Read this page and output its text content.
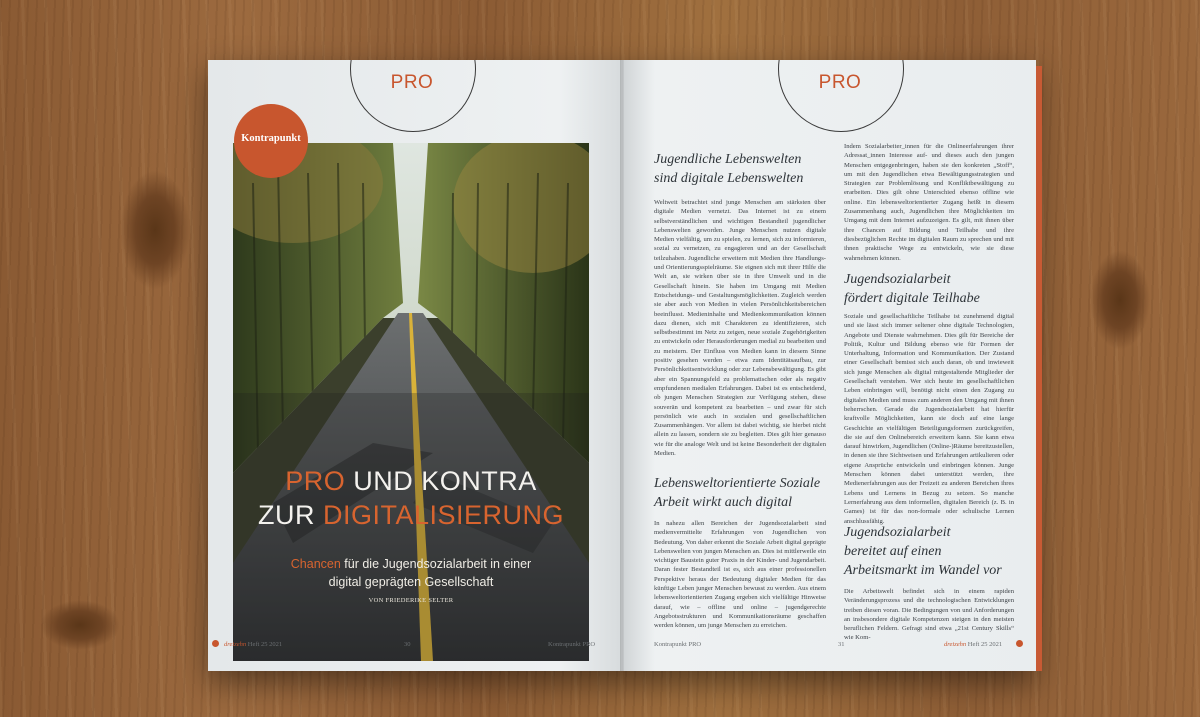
PRO
Kontrapunkt
PRO UND KONTRA
ZUR DIGITALISIERUNG
Chancen für die Jugendsozialarbeit in einer
digital geprägten Gesellschaft
VON FRIEDERIKE SELTER
dreizehn Heft 25 2021	30	Kontrapunkt PRO
PRO
Jugendliche Lebenswelten
sind digitale Lebenswelten

Weltweit betrachtet sind junge Menschen am stärksten über digitale Medien vernetzt. Das Internet ist zu einem selbstverständlichen und wichtigen Bestandteil jugendlicher Lebenswelten geworden. Junge Menschen nutzen digitale Medien vielfältig, um zu spielen, zu lernen, sich zu informieren, sozial zu vernetzen, zu engagieren und an der Gesellschaft teilzuhaben. Jugendliche erweitern mit Medien ihre Handlungs- und Orientierungsspielräume. Sie eignen sich mit ihrer Hilfe die Welt an, sie wirken über sie in ihre Umwelt und in die Gesellschaft hinein. Sie haben im Umgang mit Medien Entscheidungs- und Gestaltungsmöglichkeiten. Zugleich werden sie aber auch von Medien in vielen Persönlichkeitsbereichen beeinflusst. Medieninhalte und Medienkommunikation können dazu dienen, sich mit Charakteren zu identifizieren, sich selbstbestimmt im Netz zu zeigen, neue soziale Zugehörigkeiten zu entwickeln oder Herausforderungen medial zu bearbeiten und zu meistern. Der Einfluss von Medien kann in diesem Sinne positiv gesehen werden – etwa zum Identitätsaufbau, zur Persönlichkeitsentwicklung oder zur Lebensbewältigung. Es gibt aber ein Spannungsfeld zu problematischen oder als negativ empfundenen medialen Erfahrungen. Dabei ist es entscheidend, ob jungen Menschen Strategien zur Verfügung stehen, diese souverän und kompetent zu bearbeiten – und zwar für sich persönlich wie auch in sozialen und gesellschaftlichen Zusammenhängen. Vor allem ist dabei wichtig, sie hierbei nicht allein zu lassen, sondern sie zu begleiten. Dies gilt hier genauso wie für die analoge Welt und ist keine Besonderheit der digitalen Medien.

Lebensweltorientierte Soziale
Arbeit wirkt auch digital

In nahezu allen Bereichen der Jugendsozialarbeit sind medienvermittelte Erfahrungen von Jugendlichen von Bedeutung. Von daher erkennt die Soziale Arbeit digital geprägte Lebenswelten von jungen Menschen an. Dies ist mittlerweile ein wichtiger Baustein guter Praxis in der Kinder- und Jugendarbeit. Daran fester Bestandteil ist es, sich aus einer professionellen Perspektive heraus der Bedeutung digitaler Medien für das künftige Leben junger Menschen bewusst zu werden. Aus einem lebensweltorientierten Zugang ergeben sich vielfältige Hinweise darauf, wie – offline und online – jugendgerechte Angebotsstrukturen und Kommunikationsräume geschaffen werden können, um junge Menschen zu erreichen.

Indem Sozialarbeiter_innen für die Onlineerfahrungen ihrer Adressat_innen Interesse auf- und dieses auch den jungen Menschen entgegenbringen, haben sie den konkreten „Stoff“, um mit den Jugendlichen etwa Bewältigungsstrategien und Strategien zur Problemlösung und Konfliktbewältigung zu erarbeiten. Dies gilt ohne Unterschied ebenso offline wie online. Ein lebensweltorientierter Zugang heißt in diesem Zusammenhang auch, Jugendlichen ihre Möglichkeiten im Umgang mit dem Internet aufzuzeigen. Es gilt, mit ihnen über ihre Chancen auf Bildung und Teilhabe und ihre diesbezüglichen Rechte im digitalen Raum zu sprechen und mit ihnen praktische Wege zu entwickeln, wie sie diese wahrnehmen können.

Jugendsozialarbeit
fördert digitale Teilhabe

Soziale und gesellschaftliche Teilhabe ist zunehmend digital und sie lässt sich immer seltener ohne digitale Technologien, Angebote und Dienste wahrnehmen. Dies gilt für Bereiche der Politik, Kultur und Bildung ebenso wie für Formen der Unterhaltung, Information und Kommunikation. Der Zustand einer Gesellschaft bemisst sich auch daran, ob und inwieweit sich junge Menschen als digital mitgestaltende Mitglieder der Gesellschaft verstehen. Wer sich heute im gesellschaftlichen Leben einbringen will, benötigt nicht einen den Zugang zu digitalen Medien und muss zum anderen den Umgang mit ihnen beherrschen. Gerade die Jugendsozialarbeit hat hierfür kraftvolle Möglichkeiten, kann sie doch auf eine lange Geschichte an vielfältigen Beteiligungsformen zurückgreifen, die sie auf den Onlinebereich erweitern kann. Sie kann etwa darauf hinwirken, Jugendlichen (Online-)Räume bereitzustellen, in denen sie ihre Sichtweisen und Erfahrungen artikulieren oder eigene Ansprüche entwickeln und einbringen können. Junge Menschen können dabei unterstützt werden, ihre Medienerfahrungen aus der Freizeit zu anderen Bereichen ihres Lebens und Lernens in Bezug zu setzen. So manche Lernerfahrung aus dem informellen, digitalen Bereich (z. B. in Games) ist für das non-formale oder schulische Lernen anschlussfähig.

Jugendsozialarbeit
bereitet auf einen
Arbeitsmarkt im Wandel vor

Die Arbeitswelt befindet sich in einem rapiden Veränderungsprozess und die technologischen Entwicklungen treiben diesen voran. Die Bedingungen von und Anforderungen an insbesondere digitale Kompetenzen steigen in den meisten beruflichen Feldern. Gefragt sind etwa „21st Century Skills“ wie Kom-

Kontrapunkt PRO	31	dreizehn Heft 25 2021
